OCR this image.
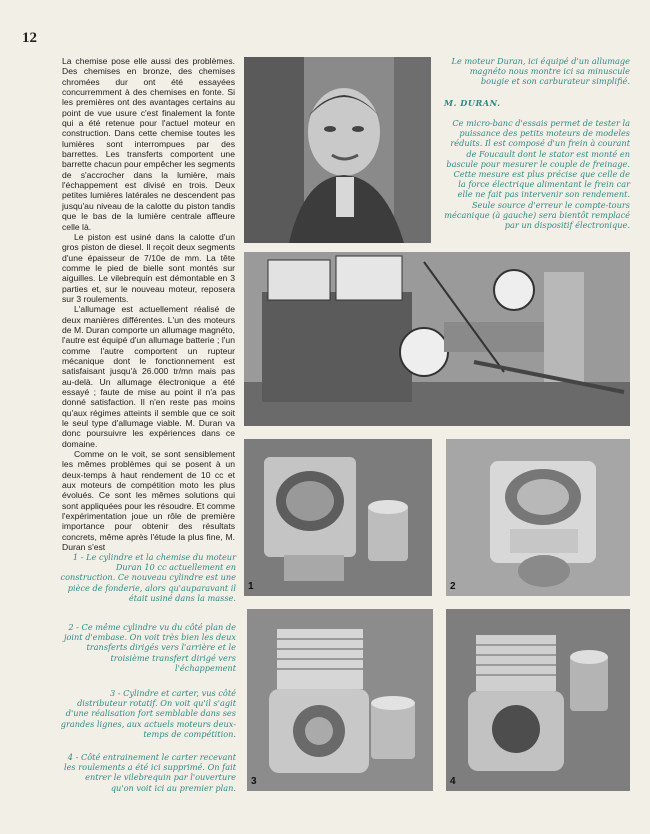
12

La chemise pose elle aussi des problèmes. Des chemises en bronze, des chemises chromées dur ont été essayées concurremment à des chemises en fonte. Si les premières ont des avantages certains au point de vue usure c'est finalement la fonte qui a été retenue pour l'actuel moteur en construction. Dans cette chemise toutes les lumières sont interrompues par des barrettes. Les transferts comportent une barrette chacun pour empêcher les segments de s'accrocher dans la lumière, mais l'échappement est divisé en trois. Deux petites lumières latérales ne descendent pas jusqu'au niveau de la calotte du piston tandis que le bas de la lumière centrale affleure celle là.

Le piston est usiné dans la calotte d'un gros piston de diesel. Il reçoit deux segments d'une épaisseur de 7/10e de mm. La tête comme le pied de bielle sont montés sur aiguilles. Le vilebrequin est démontable en 3 parties et, sur le nouveau moteur, reposera sur 3 roulements.

L'allumage est actuellement réalisé de deux manières différentes. L'un des moteurs de M. Duran comporte un allumage magnéto, l'autre est équipé d'un allumage batterie ; l'un comme l'autre comportent un rupteur mécanique dont le fonctionnement est satisfaisant jusqu'à 26.000 tr/mn mais pas au-delà. Un allumage électronique a été essayé ; faute de mise au point il n'a pas donné satisfaction. Il n'en reste pas moins qu'aux régimes atteints il semble que ce soit le seul type d'allumage viable. M. Duran va donc poursuivre les expériences dans ce domaine.

Comme on le voit, se sont sensiblement les mêmes problèmes qui se posent à un deux-temps à haut rendement de 10 cc et aux moteurs de compétition moto les plus évolués. Ce sont les mêmes solutions qui sont appliquées pour les résoudre. Et comme l'expérimentation joue un rôle de première importance pour obtenir des résultats concrets, même après l'étude la plus fine, M. Duran s'est

Le moteur Duran, ici équipé d'un allumage magnéto nous montre ici sa minuscule bougie et son carburateur simplifié.
M. DURAN.
Ce micro-banc d'essais permet de tester la puissance des petits moteurs de modeles réduits. Il est composé d'un frein à courant de Foucault dont le stator est monté en bascule pour mesurer le couple de freinage. Cette mesure est plus précise que celle de la force électrique alimentant le frein car elle ne fait pas intervenir son rendement. Seule source d'erreur le compte-tours mécanique (à gauche) sera bientôt remplacé par un dispositif électronique.
1	2
3	4
1 - Le cylindre et la chemise du moteur Duran 10 cc actuellement en construction. Ce nouveau cylindre est une pièce de fonderie, alors qu'auparavant il était usiné dans la masse.
2 - Ce même cylindre vu du côté plan de joint d'embase. On voit très bien les deux transferts dirigés vers l'arrière et le troisième transfert dirigé vers l'échappement
3 - Cylindre et carter, vus côté distributeur rotatif. On voit qu'il s'agit d'une réalisation fort semblable dans ses grandes lignes, aux actuels moteurs deux-temps de compétition.
4 - Côté entrainement le carter recevant les roulements a été ici supprimé. On fait entrer le vilebrequin par l'ouverture qu'on voit ici au premier plan.
